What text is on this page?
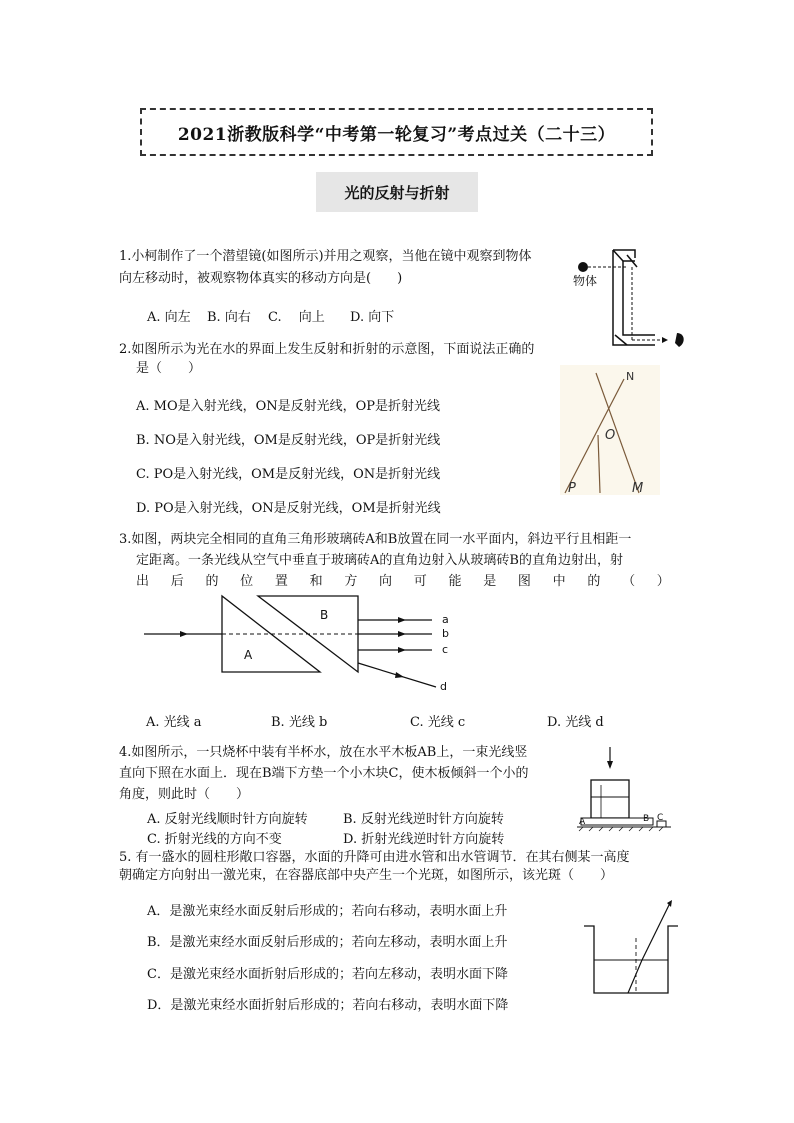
2021浙教版科学“中考第一轮复习”考点过关（二十三）
光的反射与折射
1.小柯制作了一个潜望镜(如图所示)并用之观察，当他在镜中观察到物体
向左移动时，被观察物体真实的移动方向是(　　)
A. 向左 B. 向右 C.　 向上 D. 向下
物体
2.如图所示为光在水的界面上发生反射和折射的示意图，下面说法正确的
是（　　）
A. MO是入射光线，ON是反射光线，OP是折射光线
B. NO是入射光线，OM是反射光线，OP是折射光线
C. PO是入射光线，OM是反射光线，ON是折射光线
D. PO是入射光线，ON是反射光线，OM是折射光线
N
O
P	M
3.如图，两块完全相同的直角三角形玻璃砖A和B放置在同一水平面内，斜边平行且相距一
定距离。一条光线从空气中垂直于玻璃砖A的直角边射入从玻璃砖B的直角边射出，射
出 后 的 位 置 和 方 向 可 能 是 图 中 的 （ ）
a
b
c
d
A
B
A. 光线 a	B. 光线 b	C. 光线 c	D. 光线 d
4.如图所示，一只烧杯中装有半杯水，放在水平木板AB上，一束光线竖
直向下照在水面上．现在B端下方垫一个小木块C，使木板倾斜一个小的
角度，则此时（　　）
A. 反射光线顺时针方向旋转	B. 反射光线逆时针方向旋转
C. 折射光线的方向不变	D. 折射光线逆时针方向旋转
A	B C
5. 有一盛水的圆柱形敞口容器，水面的升降可由进水管和出水管调节．在其右侧某一高度
朝确定方向射出一激光束，在容器底部中央产生一个光斑，如图所示，该光斑（　　）
A．是激光束经水面反射后形成的；若向右移动，表明水面上升
B．是激光束经水面反射后形成的；若向左移动，表明水面上升
C．是激光束经水面折射后形成的；若向左移动，表明水面下降
D．是激光束经水面折射后形成的；若向右移动，表明水面下降
